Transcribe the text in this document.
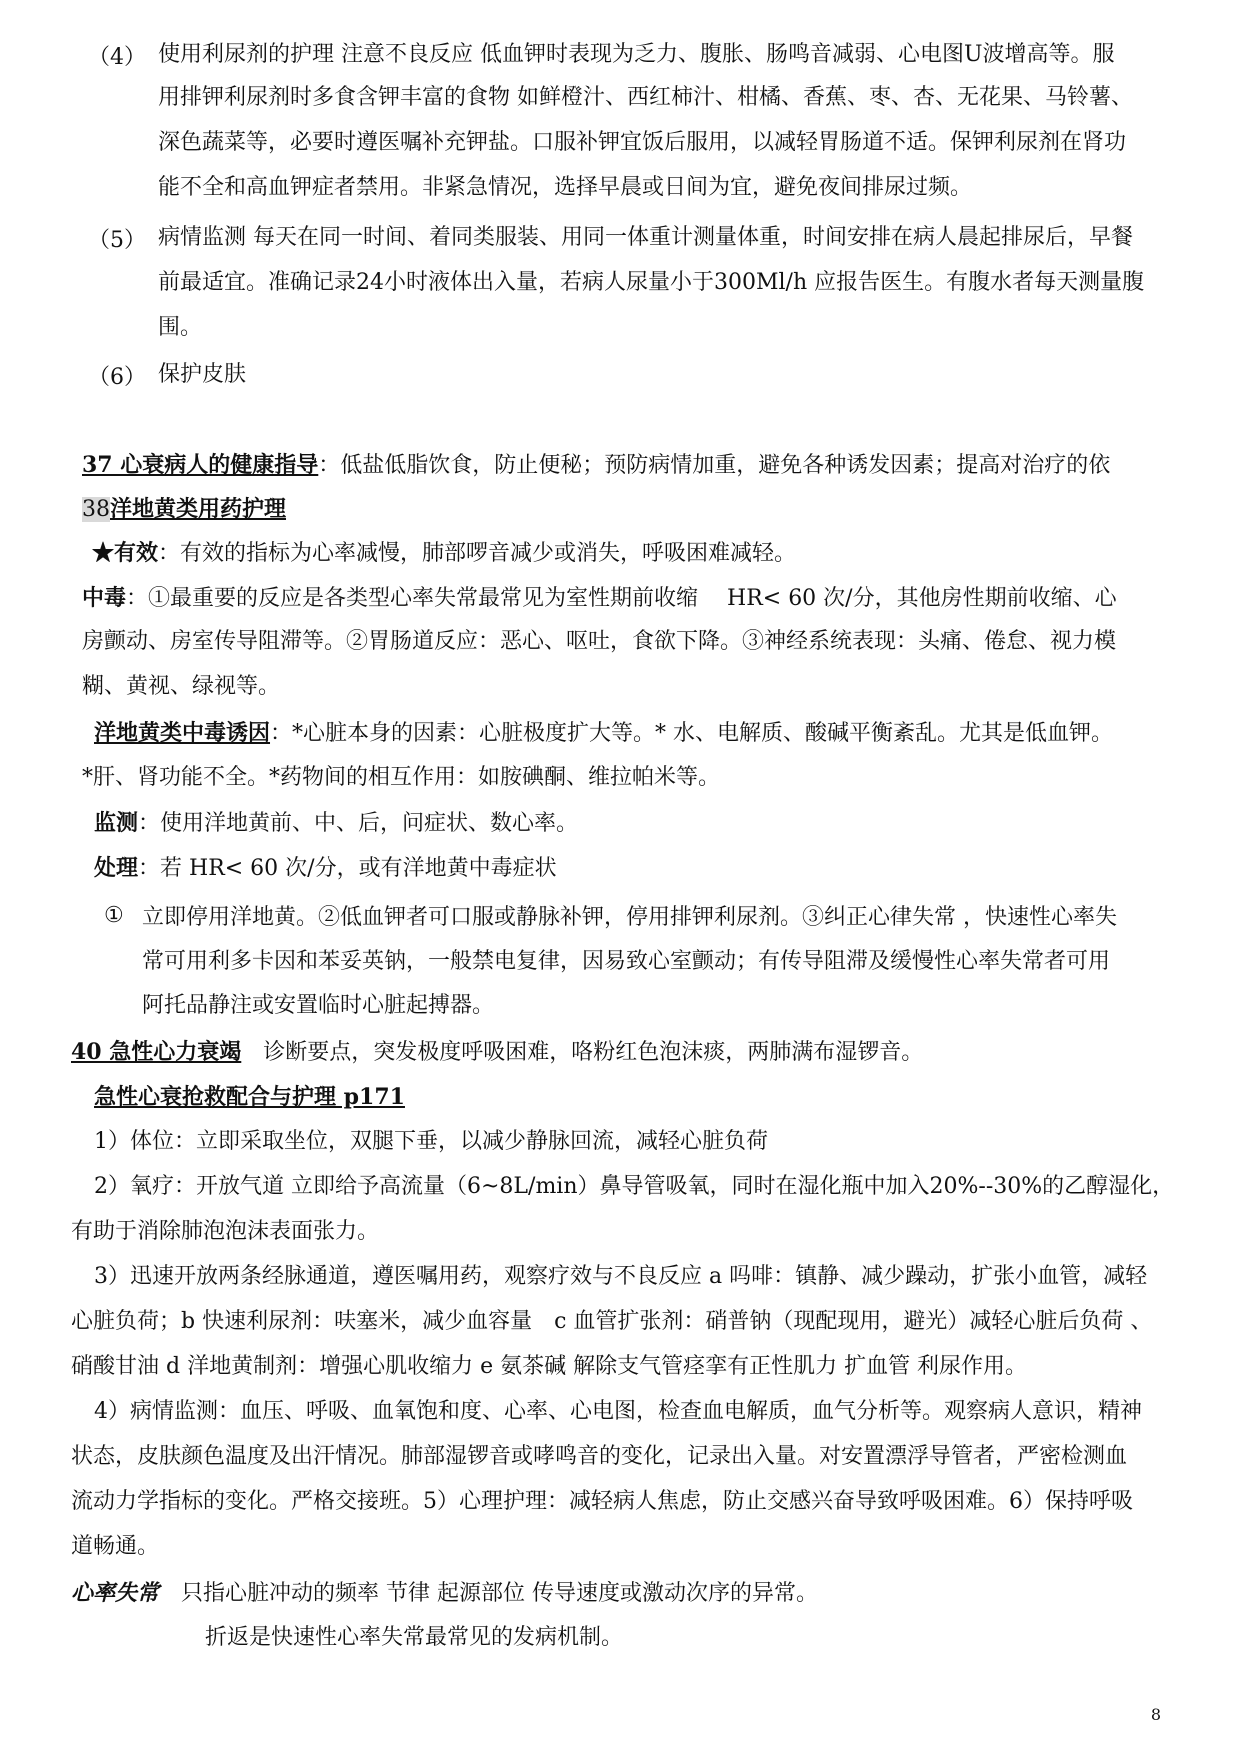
（4） 使用利尿剂的护理 注意不良反应 低血钾时表现为乏力、腹胀、肠鸣音减弱、心电图U波增高等。服
用排钾利尿剂时多食含钾丰富的食物 如鲜橙汁、西红柿汁、柑橘、香蕉、枣、杏、无花果、马铃薯、
深色蔬菜等，必要时遵医嘱补充钾盐。口服补钾宜饭后服用，以减轻胃肠道不适。保钾利尿剂在肾功
能不全和高血钾症者禁用。非紧急情况，选择早晨或日间为宜，避免夜间排尿过频。
（5） 病情监测 每天在同一时间、着同类服装、用同一体重计测量体重，时间安排在病人晨起排尿后，早餐
前最适宜。准确记录24小时液体出入量，若病人尿量小于300Ml/h 应报告医生。有腹水者每天测量腹
围。
（6） 保护皮肤
37 心衰病人的健康指导：低盐低脂饮食，防止便秘；预防病情加重，避免各种诱发因素；提高对治疗的依
38洋地黄类用药护理
★有效：有效的指标为心率减慢，肺部啰音减少或消失，呼吸困难减轻。
中毒：①最重要的反应是各类型心率失常最常见为室性期前收缩　 HR< 60 次/分，其他房性期前收缩、心
房颤动、房室传导阻滞等。②胃肠道反应：恶心、呕吐，食欲下降。③神经系统表现：头痛、倦怠、视力模
糊、黄视、绿视等。
洋地黄类中毒诱因：*心脏本身的因素：心脏极度扩大等。* 水、电解质、酸碱平衡紊乱。尤其是低血钾。
*肝、肾功能不全。*药物间的相互作用：如胺碘酮、维拉帕米等。
监测：使用洋地黄前、中、后，问症状、数心率。
处理：若 HR< 60 次/分，或有洋地黄中毒症状
① 立即停用洋地黄。②低血钾者可口服或静脉补钾，停用排钾利尿剂。③纠正心律失常 ，快速性心率失
常可用利多卡因和苯妥英钠，一般禁电复律，因易致心室颤动；有传导阻滞及缓慢性心率失常者可用
阿托品静注或安置临时心脏起搏器。
40 急性心力衰竭　诊断要点，突发极度呼吸困难，咯粉红色泡沫痰，两肺满布湿锣音。
急性心衰抢救配合与护理 p171
1）体位：立即采取坐位，双腿下垂，以减少静脉回流，减轻心脏负荷
2）氧疗：开放气道 立即给予高流量（6~8L/min）鼻导管吸氧，同时在湿化瓶中加入20%--30%的乙醇湿化，
有助于消除肺泡泡沫表面张力。
3）迅速开放两条经脉通道，遵医嘱用药，观察疗效与不良反应 a 吗啡：镇静、减少躁动，扩张小血管，减轻
心脏负荷；b 快速利尿剂：呋塞米，减少血容量　c 血管扩张剂：硝普钠（现配现用，避光）减轻心脏后负荷 、
硝酸甘油 d 洋地黄制剂：增强心肌收缩力 e 氨茶碱 解除支气管痉挛有正性肌力 扩血管 利尿作用。
4）病情监测：血压、呼吸、血氧饱和度、心率、心电图，检查血电解质，血气分析等。观察病人意识，精神
状态，皮肤颜色温度及出汗情况。肺部湿锣音或哮鸣音的变化，记录出入量。对安置漂浮导管者，严密检测血
流动力学指标的变化。严格交接班。5）心理护理：减轻病人焦虑，防止交感兴奋导致呼吸困难。6）保持呼吸
道畅通。
心率失常　只指心脏冲动的频率 节律 起源部位 传导速度或激动次序的异常。
折返是快速性心率失常最常见的发病机制。
8
